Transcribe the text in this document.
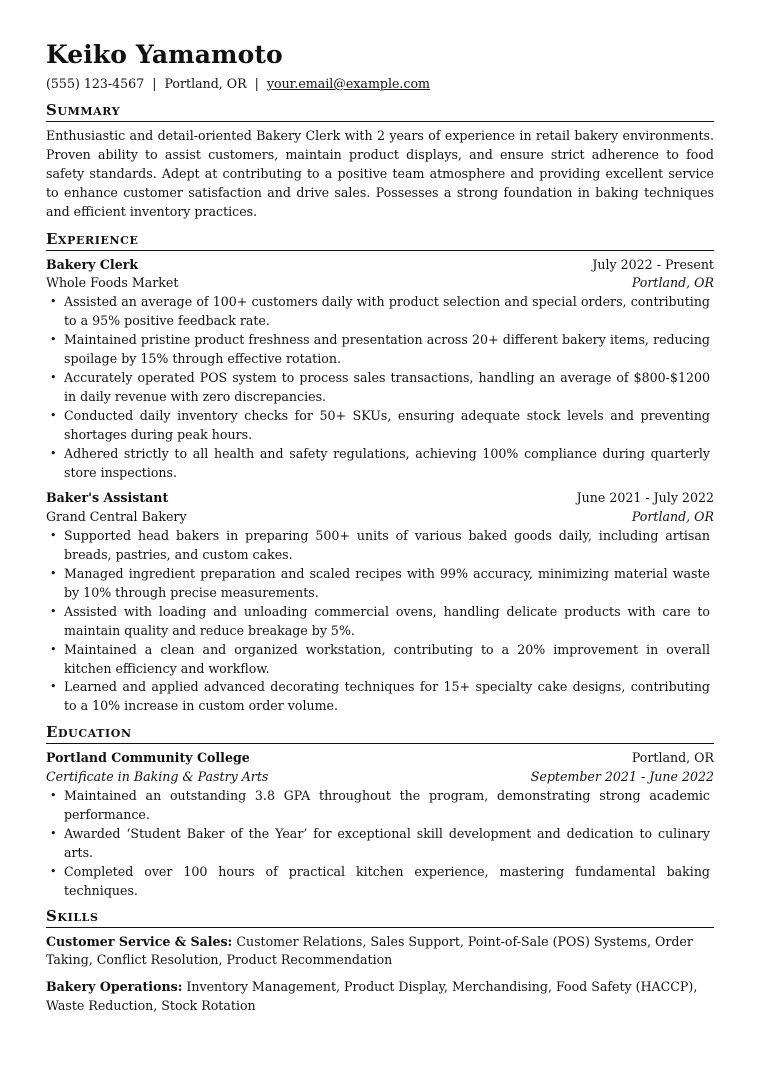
Keiko Yamamoto
(555) 123-4567 | Portland, OR | your.email@example.com
Summary
Enthusiastic and detail-oriented Bakery Clerk with 2 years of experience in retail bakery environments. Proven ability to assist customers, maintain product displays, and ensure strict adherence to food safety standards. Adept at contributing to a positive team atmosphere and providing excellent service to enhance customer satisfaction and drive sales. Possesses a strong foundation in baking techniques and efficient inventory practices.
Experience
Bakery Clerk	July 2022 - Present
Whole Foods Market	Portland, OR
• Assisted an average of 100+ customers daily with product selection and special orders, contributing to a 95% positive feedback rate.
• Maintained pristine product freshness and presentation across 20+ different bakery items, reducing spoilage by 15% through effective rotation.
• Accurately operated POS system to process sales transactions, handling an average of $800-$1200 in daily revenue with zero discrepancies.
• Conducted daily inventory checks for 50+ SKUs, ensuring adequate stock levels and preventing shortages during peak hours.
• Adhered strictly to all health and safety regulations, achieving 100% compliance during quarterly store inspections.
Baker's Assistant	June 2021 - July 2022
Grand Central Bakery	Portland, OR
• Supported head bakers in preparing 500+ units of various baked goods daily, including artisan breads, pastries, and custom cakes.
• Managed ingredient preparation and scaled recipes with 99% accuracy, minimizing material waste by 10% through precise measurements.
• Assisted with loading and unloading commercial ovens, handling delicate products with care to maintain quality and reduce breakage by 5%.
• Maintained a clean and organized workstation, contributing to a 20% improvement in overall kitchen efficiency and workflow.
• Learned and applied advanced decorating techniques for 15+ specialty cake designs, contributing to a 10% increase in custom order volume.
Education
Portland Community College	Portland, OR
Certificate in Baking & Pastry Arts	September 2021 - June 2022
• Maintained an outstanding 3.8 GPA throughout the program, demonstrating strong academic performance.
• Awarded ‘Student Baker of the Year’ for exceptional skill development and dedication to culinary arts.
• Completed over 100 hours of practical kitchen experience, mastering fundamental baking techniques.
Skills
Customer Service & Sales: Customer Relations, Sales Support, Point-of-Sale (POS) Systems, Order Taking, Conflict Resolution, Product Recommendation
Bakery Operations: Inventory Management, Product Display, Merchandising, Food Safety (HACCP), Waste Reduction, Stock Rotation
